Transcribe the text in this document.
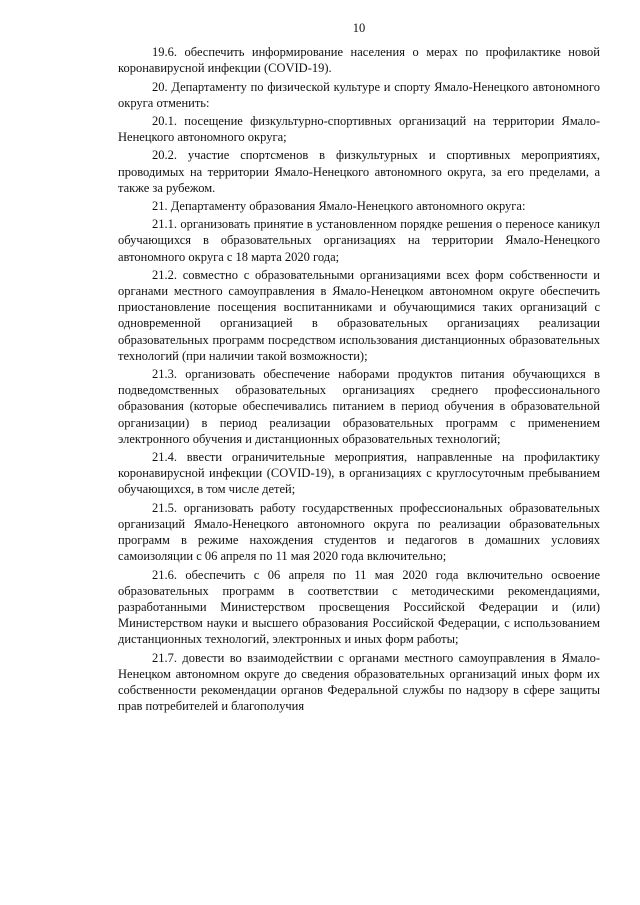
10

19.6. обеспечить информирование населения о мерах по профилактике новой коронавирусной инфекции (COVID-19).

20. Департаменту по физической культуре и спорту Ямало-Ненецкого автономного округа отменить:

20.1. посещение физкультурно-спортивных организаций на территории Ямало-Ненецкого автономного округа;

20.2. участие спортсменов в физкультурных и спортивных мероприятиях, проводимых на территории Ямало-Ненецкого автономного округа, за его пределами, а также за рубежом.

21. Департаменту образования Ямало-Ненецкого автономного округа:

21.1. организовать принятие в установленном порядке решения о переносе каникул обучающихся в образовательных организациях на территории Ямало-Ненецкого автономного округа с 18 марта 2020 года;

21.2. совместно с образовательными организациями всех форм собственности и органами местного самоуправления в Ямало-Ненецком автономном округе обеспечить приостановление посещения воспитанниками и обучающимися таких организаций с одновременной организацией в образовательных организациях реализации образовательных программ посредством использования дистанционных образовательных технологий (при наличии такой возможности);

21.3. организовать обеспечение наборами продуктов питания обучающихся в подведомственных образовательных организациях среднего профессионального образования (которые обеспечивались питанием в период обучения в образовательной организации) в период реализации образовательных программ с применением электронного обучения и дистанционных образовательных технологий;

21.4. ввести ограничительные мероприятия, направленные на профилактику коронавирусной инфекции (COVID-19), в организациях с круглосуточным пребыванием обучающихся, в том числе детей;

21.5. организовать работу государственных профессиональных образовательных организаций Ямало-Ненецкого автономного округа по реализации образовательных программ в режиме нахождения студентов и педагогов в домашних условиях самоизоляции с 06 апреля по 11 мая 2020 года включительно;

21.6. обеспечить с 06 апреля по 11 мая 2020 года включительно освоение образовательных программ в соответствии с методическими рекомендациями, разработанными Министерством просвещения Российской Федерации и (или) Министерством науки и высшего образования Российской Федерации, с использованием дистанционных технологий, электронных и иных форм работы;

21.7. довести во взаимодействии с органами местного самоуправления в Ямало-Ненецком автономном округе до сведения образовательных организаций иных форм их собственности рекомендации органов Федеральной службы по надзору в сфере защиты прав потребителей и благополучия
